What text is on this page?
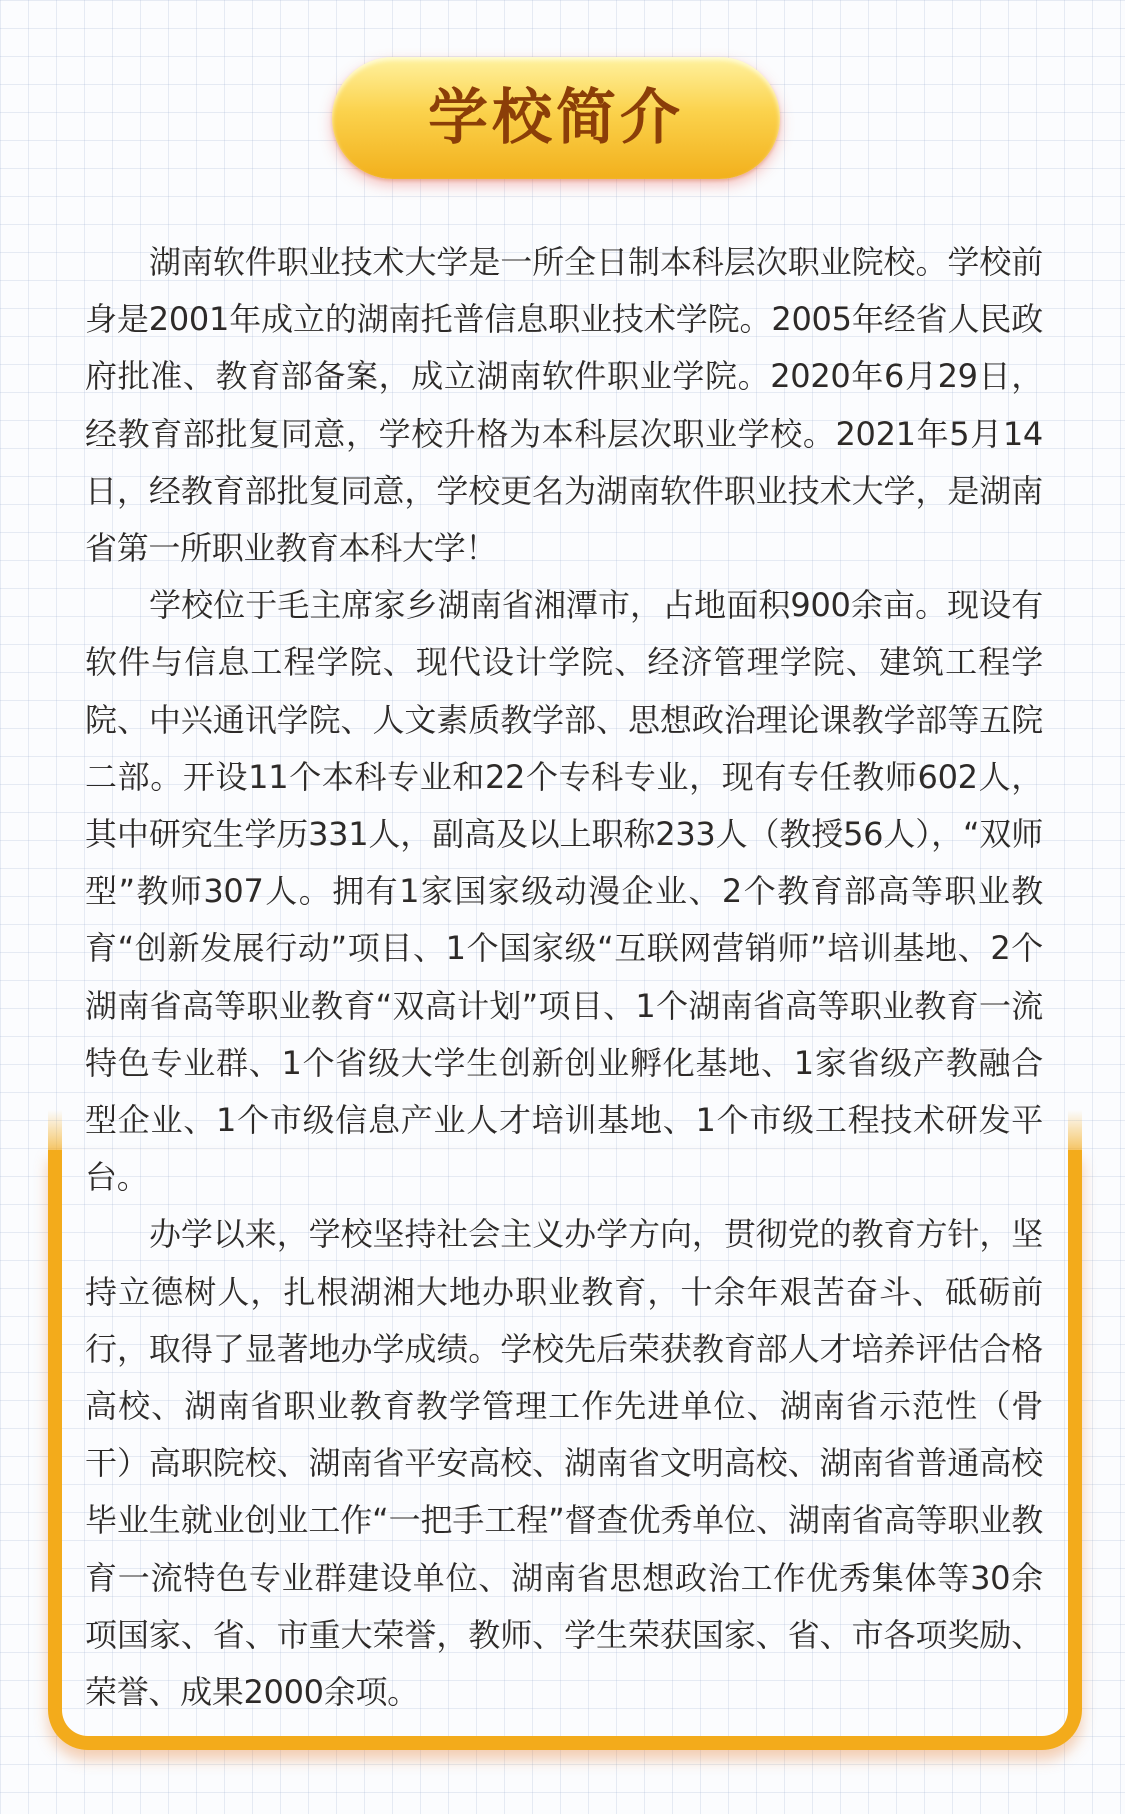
学校简介

湖南软件职业技术大学是一所全日制本科层次职业院校。学校前身是2001年成立的湖南托普信息职业技术学院。2005年经省人民政府批准、教育部备案，成立湖南软件职业学院。2020年6月29日，经教育部批复同意，学校升格为本科层次职业学校。2021年5月14日，经教育部批复同意，学校更名为湖南软件职业技术大学，是湖南省第一所职业教育本科大学！

学校位于毛主席家乡湖南省湘潭市，占地面积900余亩。现设有软件与信息工程学院、现代设计学院、经济管理学院、建筑工程学院、中兴通讯学院、人文素质教学部、思想政治理论课教学部等五院二部。开设11个本科专业和22个专科专业，现有专任教师602人，其中研究生学历331人，副高及以上职称233人（教授56人），“双师型”教师307人。拥有1家国家级动漫企业、2个教育部高等职业教育“创新发展行动”项目、1个国家级“互联网营销师”培训基地、2个湖南省高等职业教育“双高计划”项目、1个湖南省高等职业教育一流特色专业群、1个省级大学生创新创业孵化基地、1家省级产教融合型企业、1个市级信息产业人才培训基地、1个市级工程技术研发平台。

办学以来，学校坚持社会主义办学方向，贯彻党的教育方针，坚持立德树人，扎根湖湘大地办职业教育，十余年艰苦奋斗、砥砺前行，取得了显著地办学成绩。学校先后荣获教育部人才培养评估合格高校、湖南省职业教育教学管理工作先进单位、湖南省示范性（骨干）高职院校、湖南省平安高校、湖南省文明高校、湖南省普通高校毕业生就业创业工作“一把手工程”督查优秀单位、湖南省高等职业教育一流特色专业群建设单位、湖南省思想政治工作优秀集体等30余项国家、省、市重大荣誉，教师、学生荣获国家、省、市各项奖励、荣誉、成果2000余项。
